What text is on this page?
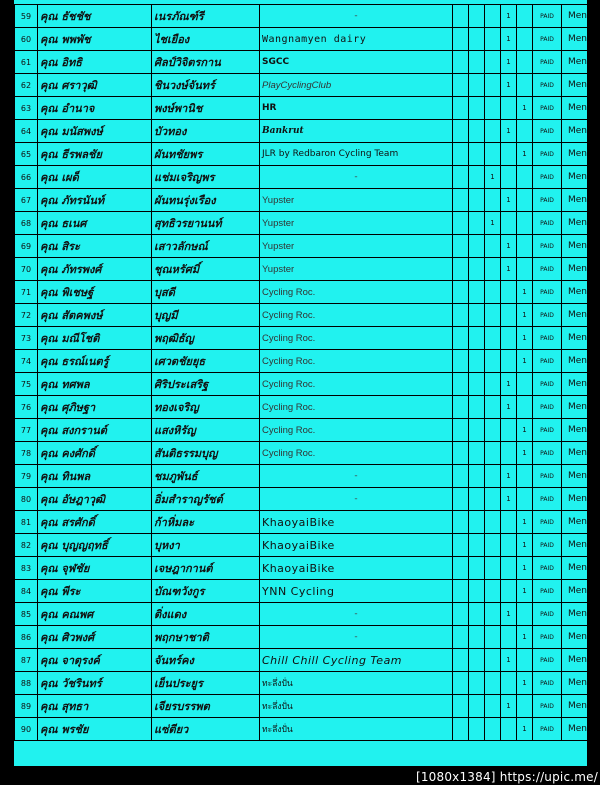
59	คุณ ธัชชัช	เนรภัณฑ์รี	-				1		PAID	Men
60	คุณ พพพัช	ไชเยือง	Wangnamyen dairy				1		PAID	Men
61	คุณ อิทธิ	ศิลป์วิจิตรกาน	SGCC				1		PAID	Men
62	คุณ ศราวุฒิ	ชินวงษ์จันทร์	PlayCyclingClub				1		PAID	Men
63	คุณ อำนาจ	พงษ์พานิช	HR					1	PAID	Men
64	คุณ มนัสพงษ์	บัวทอง	Bankrut				1		PAID	Men
65	คุณ ธีรพลชัย	ผันทชัยพร	JLR by Redbaron Cycling Team					1	PAID	Men
66	คุณ เผด็	แช่มเจริญพร	-			1			PAID	Men
67	คุณ ภัทรนันท์	ผันทนรุ่งเรือง	Yupster				1		PAID	Men
68	คุณ ธเนศ	สุทธิวรยานนท์	Yupster			1			PAID	Men
69	คุณ สิระ	เสาวลักษณ์	Yupster				1		PAID	Men
70	คุณ ภัทรพงศ์	ชุณหรัศมิ์	Yupster				1		PAID	Men
71	คุณ พิเชษฐ์	บุสดี	Cycling Roc.					1	PAID	Men
72	คุณ สัตคพงษ์	บุญมี	Cycling Roc.					1	PAID	Men
73	คุณ มณีโชติ	พฤฒิธัญ	Cycling Roc.					1	PAID	Men
74	คุณ ธรณ์เนตรู์	เศวตชัยยุธ	Cycling Roc.					1	PAID	Men
75	คุณ ทศพล	ศิริประเสริฐ	Cycling Roc.				1		PAID	Men
76	คุณ ศุภิษฐา	ทองเจริญ	Cycling Roc.				1		PAID	Men
77	คุณ สงกรานต์	แสงหิรัญ	Cycling Roc.					1	PAID	Men
78	คุณ คงศักดิ์	สันติธรรมบุญ	Cycling Roc.					1	PAID	Men
79	คุณ ทินพล	ชมภูพันธ์	-				1		PAID	Men
80	คุณ อัษฎาวุฒิ	อิ่มสำราญรัชต์	-				1		PAID	Men
81	คุณ สรศักดิ์	ก้าหิ่มละ	KhaoyaiBike					1	PAID	Men
82	คุณ บุญญฤทธิ์	บุหงา	KhaoyaiBike					1	PAID	Men
83	คุณ จุฬชัย	เจษฎากานต์	KhaoyaiBike					1	PAID	Men
84	คุณ พีระ	บัณฑวังกูร	YNN Cycling					1	PAID	Men
85	คุณ คณพศ	ติ่งแดง	-				1		PAID	Men
86	คุณ ศิวพงศ์	พฤกษาชาติ	-					1	PAID	Men
87	คุณ จาตุรงค์	จันทร์คง	Chill Chill Cycling Team				1		PAID	Men
88	คุณ วัชรินทร์	เย็นประยูร	ทะลึ่งปั่น					1	PAID	Men
89	คุณ สุทธา	เจียรบรรพต	ทะลึ่งปั่น				1		PAID	Men
90	คุณ พรชัย	แซ่ตียว	ทะลึ่งปั่น					1	PAID	Men
[1080x1384] https://upic.me/
